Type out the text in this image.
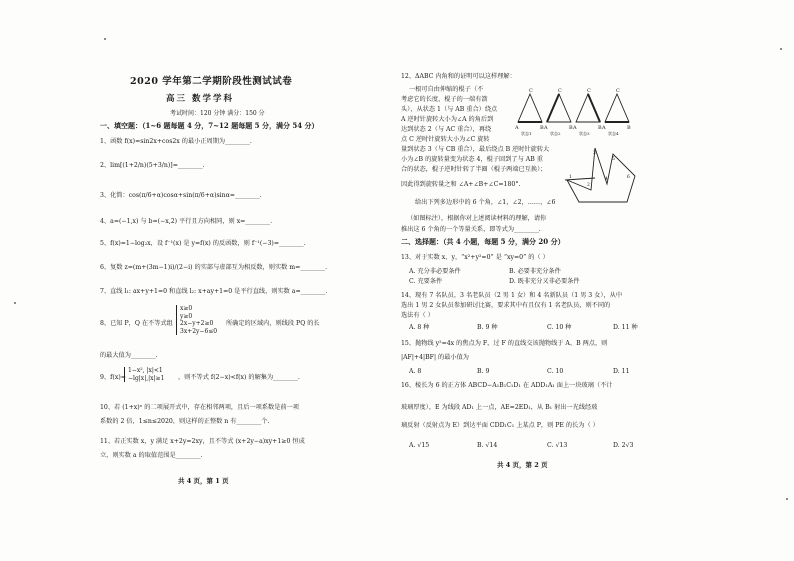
2020 学年第二学期阶段性测试试卷
高三 数学学科
考试时间：120 分钟 满分：150 分
一、填空题：（1~6 题每题 4 分，7~12 题每题 5 分，满分 54 分）
1、函数 f(x)=sin2x+cos2x 的最小正周期为________.
2、lim[(1+2/n)(5+3/n)]=________.
3、化简：cos(π/6+α)cosα+sin(π/6+α)sinα=________.
4、a=(−1,x) 与 b=(−x,2) 平行且方向相同，则 x=________.
5、f(x)=1−log₂x，设 f⁻¹(x) 是 y=f(x) 的反函数，则 f⁻¹(−3)=________.
6、复数 z=(m+(3m−1)i)/(2−i) 的实部与虚部互为相反数，则实数 m=________.
7、直线 l₁: ax+y+1=0 和直线 l₂: x+ay+1=0 是平行直线，则实数 a=________.
8、已知 P，Q 在不等式组
x≥0
y≥0
2x−y+2≥0
3x+2y−6≤0
所确定的区域内，则线段 PQ 的长
的最大值为________.
9、f(x)=
1−x², |x|<1
−lg|x|,|x|≥1 ，则不等式 f(2−x)<f(x) 的解集为________.
10、若 (1+x)ⁿ 的二项展开式中，存在相邻两项，且后一项系数是前一项
系数的 2 倍，1≤n≤2020，则这样的正整数 n 有________个.
11、若正实数 x，y 满足 x+2y=2xy，且不等式 (x+2y−a)xy+1≥0 恒成
立，则实数 a 的取值范围是________.
共 4 页，第 1 页
12、ΔABC 内角和的证明可以这样理解：
一根可自由伸缩的棍子（不
考虑它的长度，棍子的一端有箭
头），从状态 1（与 AB 重合）绕点
A 逆时针旋转大小为∠A 的角后到
达到状态 2（与 AC 重合），再绕
点 C 逆时针旋转大小为∠C 旋转
量到状态 3（与 CB 重合），最后绕点 B 逆时针旋转大
小为∠B 的旋转量变为状态 4，棍子回到了与 AB 重
合的状态，棍子逆时针转了半圈（棍子两端已互换）；
因此得到旋转量之和 ∠A+∠B+∠C=180°.
给出下列多边形中的 6 个角，∠1，∠2，……，∠6
（如图标注），根据你对上述阅读材料的理解，请你
推出这 6 个角的一个等量关系，即等式为________.
C	C	C	C
A	B A	B A	B A	B
状态1	状态2	状态3	状态4
1
2
3
4
5
6
二、选择题：（共 4 小题，每题 5 分，满分 20 分）
13、对于实数 x、y，“x²+y²=0” 是 “xy=0” 的（ ）
A. 充分非必要条件	B. 必要非充分条件
C. 充要条件	D. 既非充分又非必要条件
14、现有 7 名队员，3 名老队员（2 男 1 女）和 4 名新队员（1 男 3 女），从中
选出 1 男 2 女队员参加研讨比赛，要求其中有且仅有 1 名老队员，则不同的
选法有（ ）
A. 8 种	B. 9 种	C. 10 种	D. 11 种
15、抛物线 y²=4x 的焦点为 F，过 F 的直线交该抛物线于 A、B 两点，则
|AF|+4|BF| 的最小值为
A. 8	B. 9	C. 10	D. 11
16、棱长为 6 的正方体 ABCD−A₁B₁C₁D₁ 在 ADD₁A₁ 面上一块玻璃（不计
玻璃厚度），E 为线段 AD₁ 上一点，AE=2ED₁，从 B₁ 射出一光线经玻
璃反射（反射点为 E）到达平面 CDD₁C₁ 上某点 P，则 PE 的长为（ ）
A. √15	B. √14	C. √13	D. 2√3
共 4 页，第 2 页
